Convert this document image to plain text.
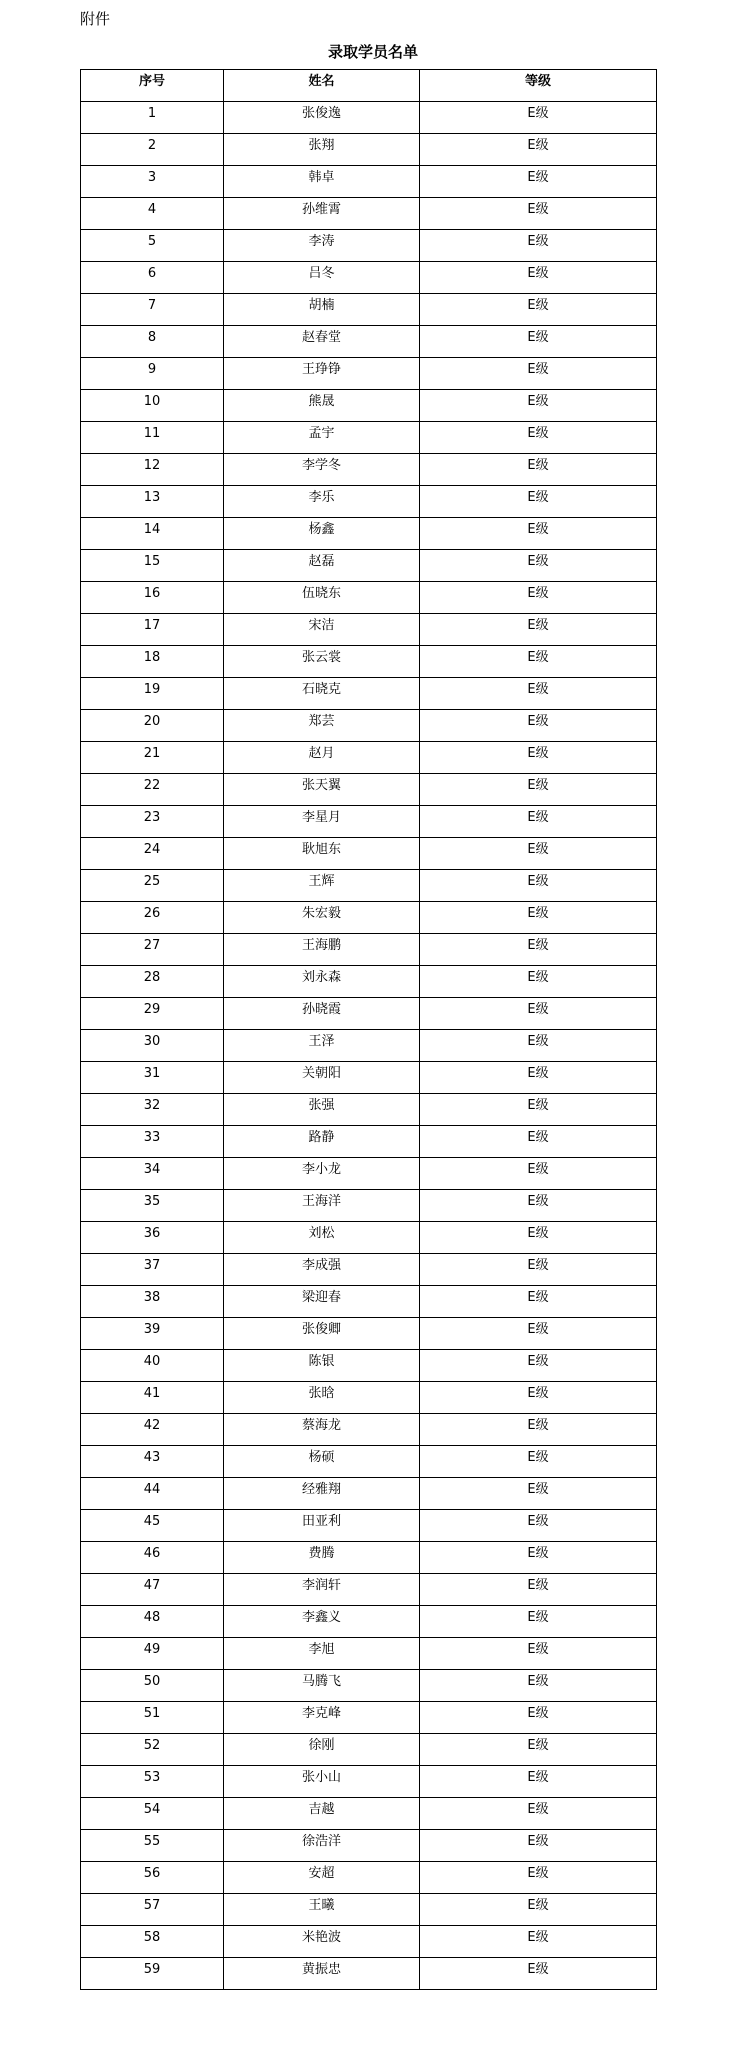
附件
录取学员名单
序号	姓名	等级
1	张俊逸	E级
2	张翔	E级
3	韩卓	E级
4	孙维霄	E级
5	李涛	E级
6	吕冬	E级
7	胡楠	E级
8	赵春堂	E级
9	王琤铮	E级
10	熊晟	E级
11	孟宇	E级
12	李学冬	E级
13	李乐	E级
14	杨鑫	E级
15	赵磊	E级
16	伍晓东	E级
17	宋洁	E级
18	张云裳	E级
19	石晓克	E级
20	郑芸	E级
21	赵月	E级
22	张天翼	E级
23	李星月	E级
24	耿旭东	E级
25	王辉	E级
26	朱宏毅	E级
27	王海鹏	E级
28	刘永森	E级
29	孙晓霞	E级
30	王泽	E级
31	关朝阳	E级
32	张强	E级
33	路静	E级
34	李小龙	E级
35	王海洋	E级
36	刘松	E级
37	李成强	E级
38	梁迎春	E级
39	张俊卿	E级
40	陈银	E级
41	张晗	E级
42	蔡海龙	E级
43	杨硕	E级
44	经雅翔	E级
45	田亚利	E级
46	费腾	E级
47	李润轩	E级
48	李鑫义	E级
49	李旭	E级
50	马腾飞	E级
51	李克峰	E级
52	徐刚	E级
53	张小山	E级
54	吉越	E级
55	徐浩洋	E级
56	安超	E级
57	王曦	E级
58	米艳波	E级
59	黄振忠	E级
